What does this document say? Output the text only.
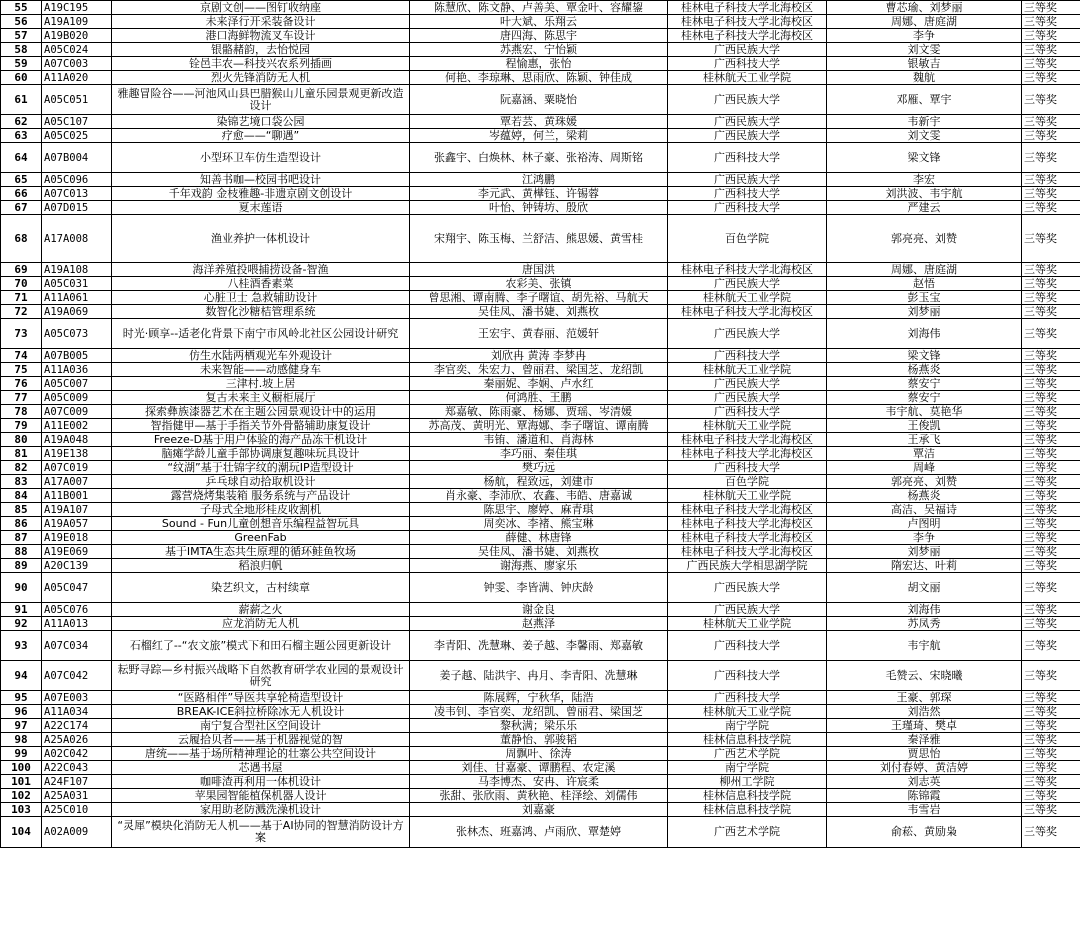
55	A19C195	京剧文创——图钉收纳座	陈慧欣、陈文静、卢善美、覃金叶、容耀鋆	桂林电子科技大学北海校区	曹芯瑜、刘梦丽	三等奖
56	A19A109	未来泽行开采装备设计	叶大斌、乐翔云	桂林电子科技大学北海校区	周娜、唐庭湖	三等奖
57	A19B020	港口海鲜物流叉车设计	唐四海、陈思宇	桂林电子科技大学北海校区	李争	三等奖
58	A05C024	银骼赭韵，去怡悦园	苏燕宏、宁怡颖	广西民族大学	刘文雯	三等奖
59	A07C003	铨邑丰农—科技兴农系列插画	程愉惠，张怡	广西科技大学	银敏吉	三等奖
60	A11A020	烈火先锋消防无人机	何艳、李琼琳、思雨欣、陈颖、钟佳成	桂林航天工业学院	魏航	三等奖
61	A05C051	雅趣冒险谷——河池风山县巴腊猴山儿童乐园景观更新改造设计	阮嘉涵、粟晓怡	广西民族大学	邓雁、覃宇	三等奖
62	A05C107	染锦艺境口袋公园	覃若芸、黄珠媛	广西民族大学	韦新宇	三等奖
63	A05C025	疗愈——“聊遇”	岑蕴婷，何兰，梁莉	广西民族大学	刘文雯	三等奖
64	A07B004	小型环卫车仿生造型设计	张鑫宇、白焕林、林子豪、张裕涛、周斯铭	广西科技大学	梁文锋	三等奖
65	A05C096	知善书咖—校园书吧设计	江鸿鹏	广西民族大学	李宏	三等奖
66	A07C013	千年戏韵 金枝雅趣-非遗京剧文创设计	李元武、黄樺钰、许锡蓉	广西科技大学	刘洪波、韦宇航	三等奖
67	A07D015	夏末莲语	叶怡、钟铸坊、殷欣	广西科技大学	严建云	三等奖
68	A17A008	渔业养护一体机设计	宋翔宇、陈玉梅、兰舒洁、熊思媛、黄雪桂	百色学院	郭亮亮、刘赞	三等奖
69	A19A108	海洋养殖投喂捕捞设备-智渔	唐国洪	桂林电子科技大学北海校区	周娜、唐庭湖	三等奖
70	A05C031	八桂酒香素菜	农彩美、张镇	广西民族大学	赵悟	三等奖
71	A11A061	心脏卫士 急救辅助设计	曾思湘、谭南腾、李子曙谊、胡先裕、马航天	桂林航天工业学院	彭玉宝	三等奖
72	A19A069	数智化沙糖桔管理系统	吴佳凤、潘书婕、刘燕枚	桂林电子科技大学北海校区	刘梦丽	三等奖
73	A05C073	时光·顾享--适老化背景下南宁市风岭北社区公园设计研究	王宏宇、黄春丽、范媛轩	广西民族大学	刘海伟	三等奖
74	A07B005	仿生水陆两栖观光车外观设计	刘欣冉 黄涛 李梦冉	广西科技大学	梁文锋	三等奖
75	A11A036	未来智能——动感健身车	李官奕、朱宏力、曾丽君、梁国芝、龙绍凯	桂林航天工业学院	杨燕炎	三等奖
76	A05C007	三津村.坡上居	秦丽妮、李娴、卢水红	广西民族大学	蔡安宁	三等奖
77	A05C009	复古未来主义橱柜展厅	何鸿胜、王鹏	广西民族大学	蔡安宁	三等奖
78	A07C009	探索彝族漆器艺术在主题公园景观设计中的运用	郑嘉敏、陈雨豪、杨娜、贾瑶、岑清媛	广西科技大学	韦宇航、莫艳华	三等奖
79	A11E002	智指健甲—基于手指关节外骨骼辅助康复设计	苏高茂、黄明光、覃海娜、李子曙谊、谭南腾	桂林航天工业学院	王俊凯	三等奖
80	A19A048	Freeze-D基于用户体验的海产品冻干机设计	韦铕、潘道和、肖海林	桂林电子科技大学北海校区	王承飞	三等奖
81	A19E138	脑瘫学龄儿童手部协调康复趣味玩具设计	李巧丽、秦佳琪	桂林电子科技大学北海校区	覃洁	三等奖
82	A07C019	“纹湖”基于壮锦字纹的潮玩IP造型设计	樊巧远	广西科技大学	周峰	三等奖
83	A17A007	乒乓球自动拾取机设计	杨航，程致远，刘建市	百色学院	郭亮亮、刘赞	三等奖
84	A11B001	露营烧烤集装箱 服务系统与产品设计	肖永豪、李沛欣、农鑫、韦皓、唐嘉诚	桂林航天工业学院	杨燕炎	三等奖
85	A19A107	子母式全地形桂皮收割机	陈思宇、廖婷、麻青琪	桂林电子科技大学北海校区	高洁、吴福诗	三等奖
86	A19A057	Sound - Fun儿童创想音乐编程益智玩具	周奕冰、李褚、熊宝琳	桂林电子科技大学北海校区	卢图明	三等奖
87	A19E018	GreenFab	薛健、林唐锋	桂林电子科技大学北海校区	李争	三等奖
88	A19E069	基于IMTA生态共生原理的循环鲑鱼牧场	吴佳凤、潘书婕、刘燕枚	桂林电子科技大学北海校区	刘梦丽	三等奖
89	A20C139	稻浪归帆	谢海燕、廖家乐	广西民族大学相思湖学院	隋宏达、叶莉	三等奖
90	A05C047	染艺织文，古村续章	钟雯、李皆满、钟庆龄	广西民族大学	胡文丽	三等奖
91	A05C076	薪薪之火	谢金良	广西民族大学	刘海伟	三等奖
92	A11A013	应龙消防无人机	赵燕泽	桂林航天工业学院	苏凤秀	三等奖
93	A07C034	石榴红了--“农文旅”模式下和田石榴主题公园更新设计	李青阳、冼慧琳、姜子越、李馨雨、郑嘉敏	广西科技大学	韦宇航	三等奖
94	A07C042	耘野寻踪—乡村振兴战略下自然教育研学农业园的景观设计研究	姜子越、陆洪宇、冉月、李青阳、冼慧琳	广西科技大学	毛赞云、宋晓曦	三等奖
95	A07E003	“医路相伴”导医共享轮椅造型设计	陈展辉，宁秋华，陆浩	广西科技大学	王豪、郭琛	三等奖
96	A11A034	BREAK-ICE斜拉桥除冰无人机设计	凌韦钊、李官奕、龙绍凯、曾丽君、梁国芝	桂林航天工业学院	刘浩然	三等奖
97	A22C174	南宁复合型社区空间设计	黎秋满；梁乐乐	南宁学院	王瑾琦、樊卓	三等奖
98	A25A026	云履拾贝者——基于机器视觉的智	董静怡、郭骏韬	桂林信息科技学院	秦泽雅	三等奖
99	A02C042	唐统——基于场所精神理论的壮寨公共空间设计	周飘叶、徐涛	广西艺术学院	贾思怡	三等奖
100	A22C043	芯遇书屋	刘佳、甘嘉豪、谭鹏程、农定溪	南宁学院	刘付春婷、黄洁婷	三等奖
101	A24F107	咖啡渣再利用一体机设计	马李博杰、安冉、许宸柔	柳州工学院	刘志英	三等奖
102	A25A031	苹果园智能植保机器人设计	张甜、张欣雨、黄秋艳、桂泽绘、刘儒伟	桂林信息科技学院	陈锦霞	三等奖
103	A25C010	家用助老防溅洗澡机设计	刘嘉豪	桂林信息科技学院	韦雪岩	三等奖
104	A02A009	“灵犀”模块化消防无人机——基于AI协同的智慧消防设计方案	张林杰、班嘉鸿、卢雨欣、覃楚婷	广西艺术学院	俞菘、黄励枭	三等奖
